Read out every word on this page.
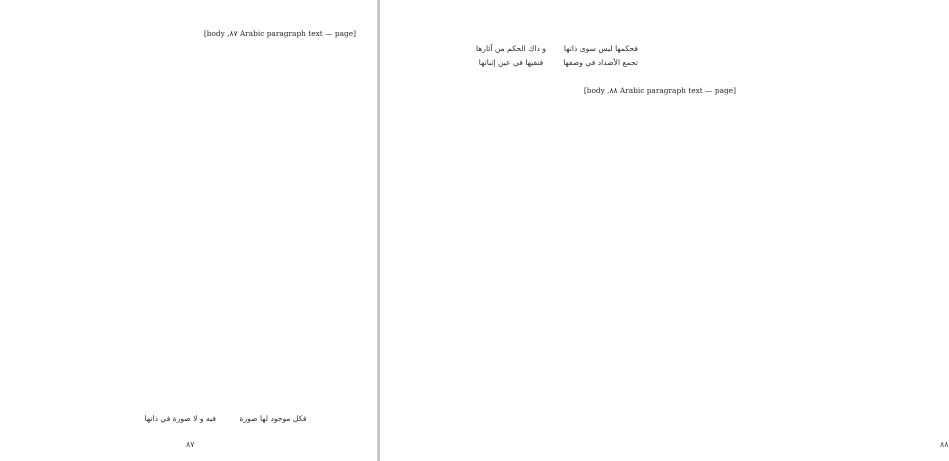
[Arabic paragraph text — page ٨٧, body]

فكل موجود لها صورةفيه و لا صورة في ذاتها
٨٧
فحكمها ليس سوى ذاتهاو ذاك الحكم من آثارها
تجمع الأضداد في وصفهافنفيها في عين إثباتها

[Arabic paragraph text — page ٨٨, body]

٨٨
